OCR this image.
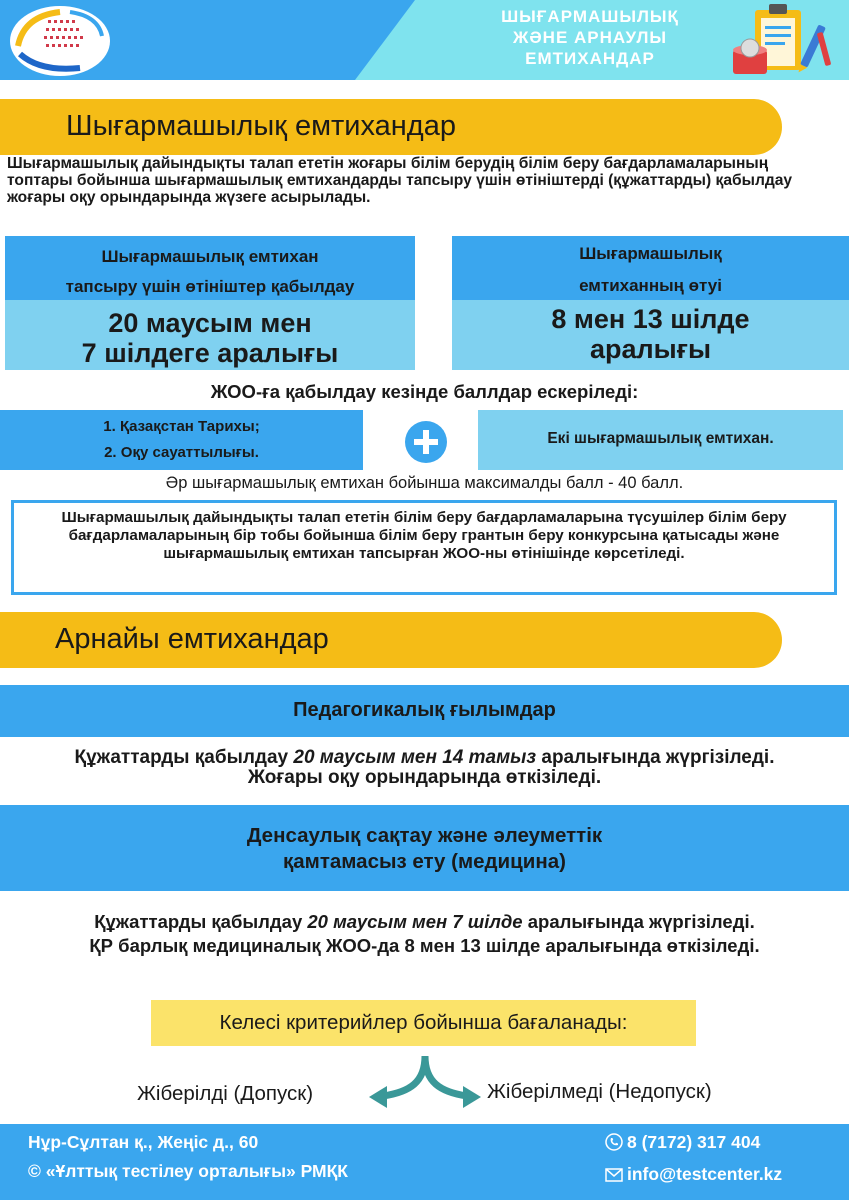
ШЫҒАРМАШЫЛЫҚ
ЖӘНЕ АРНАУЛЫ
ЕМТИХАНДАР
Шығармашылық емтихандар
Шығармашылық дайындықты талап ететін жоғары білім берудің білім беру бағдарламаларының топтары бойынша шығармашылық емтихандарды тапсыру үшін өтініштерді (құжаттарды) қабылдау жоғары оқу орындарында жүзеге асырылады.
Шығармашылық емтихан
тапсыру үшін өтініштер қабылдау
20 маусым мен
7 шілдеге аралығы
Шығармашылық
емтиханның өтуі
8 мен 13 шілде
аралығы
ЖОО-ға қабылдау кезінде баллдар ескеріледі:
1. Қазақстан Тарихы;
2. Оқу сауаттылығы.
Екі шығармашылық емтихан.
Әр шығармашылық емтихан бойынша максималды балл - 40 балл.
Шығармашылық дайындықты талап ететін білім беру бағдарламаларына түсушілер білім беру бағдарламаларының бір тобы бойынша білім беру грантын беру конкурсына қатысады және шығармашылық емтихан тапсырған ЖОО-ны өтінішінде көрсетіледі.
Арнайы емтихандар
Педагогикалық ғылымдар
Құжаттарды қабылдау 20 маусым мен 14 тамыз аралығында жүргізіледі.
Жоғары оқу орындарында өткізіледі.
Денсаулық сақтау және әлеуметтік
қамтамасыз ету (медицина)
Құжаттарды қабылдау 20 маусым мен 7 шілде аралығында жүргізіледі.
ҚР барлық медициналық ЖОО-да 8 мен 13 шілде аралығында өткізіледі.
Келесі критерийлер бойынша бағаланады:
Жіберілді (Допуск)	Жіберілмеді (Недопуск)
Нұр-Сұлтан қ., Жеңіс д., 60
© «Ұлттық тестілеу орталығы» РМҚК
8 (7172) 317 404
info@testcenter.kz
